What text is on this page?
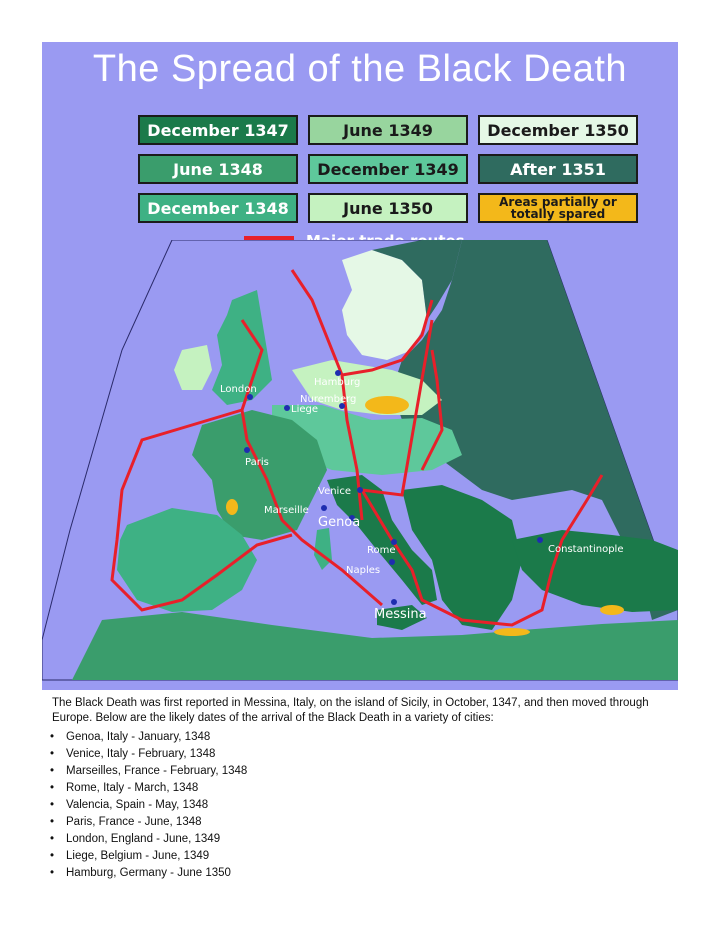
The Spread of the Black Death
December 1347	June 1349	December 1350
June 1348	December 1349	After 1351
December 1348	June 1350	Areas partially or totally spared
London
Hamburg
Nuremberg
Liege
Paris
Venice
Marseille
Genoa
Rome
Naples
Messina
Constantinople

The Black Death was first reported in Messina, Italy, on the island of Sicily, in October, 1347, and then moved through Europe. Below are the likely dates of the arrival of the Black Death in a variety of cities:

• Genoa, Italy - January, 1348
• Venice, Italy - February, 1348
• Marseilles, France - February, 1348
• Rome, Italy - March, 1348
• Valencia, Spain - May, 1348
• Paris, France - June, 1348
• London, England - June, 1349
• Liege, Belgium - June, 1349
• Hamburg, Germany - June 1350
